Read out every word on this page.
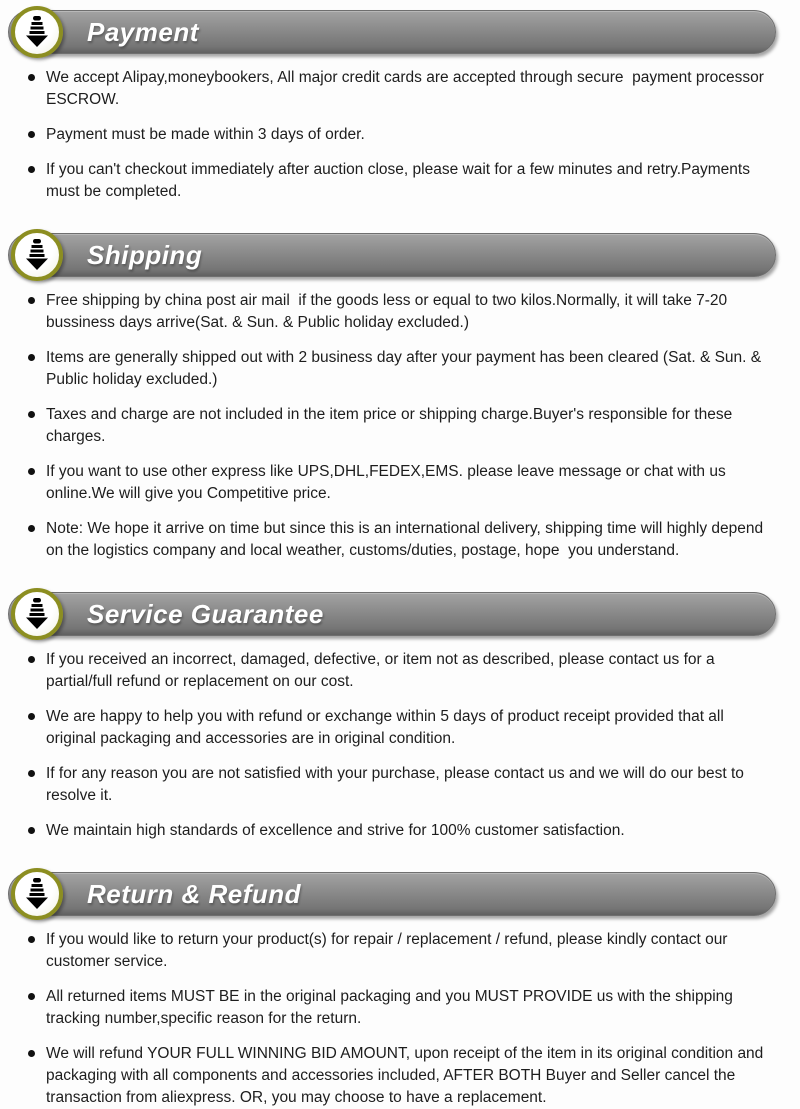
Payment
We accept Alipay,moneybookers, All major credit cards are accepted through secure  payment processor ESCROW.
Payment must be made within 3 days of order.
If you can't checkout immediately after auction close, please wait for a few minutes and retry.Payments must be completed.
Shipping
Free shipping by china post air mail  if the goods less or equal to two kilos.Normally, it will take 7-20 bussiness days arrive(Sat. & Sun. & Public holiday excluded.)
Items are generally shipped out with 2 business day after your payment has been cleared (Sat. & Sun. & Public holiday excluded.)
Taxes and charge are not included in the item price or shipping charge.Buyer's responsible for these charges.
If you want to use other express like UPS,DHL,FEDEX,EMS. please leave message or chat with us online.We will give you Competitive price.
Note: We hope it arrive on time but since this is an international delivery, shipping time will highly depend on the logistics company and local weather, customs/duties, postage, hope  you understand.
Service Guarantee
If you received an incorrect, damaged, defective, or item not as described, please contact us for a partial/full refund or replacement on our cost.
We are happy to help you with refund or exchange within 5 days of product receipt provided that all original packaging and accessories are in original condition.
If for any reason you are not satisfied with your purchase, please contact us and we will do our best to resolve it.
We maintain high standards of excellence and strive for 100% customer satisfaction.
Return & Refund
If you would like to return your product(s) for repair / replacement / refund, please kindly contact our customer service.
All returned items MUST BE in the original packaging and you MUST PROVIDE us with the shipping tracking number,specific reason for the return.
We will refund YOUR FULL WINNING BID AMOUNT, upon receipt of the item in its original condition and packaging with all components and accessories included, AFTER BOTH Buyer and Seller cancel the transaction from aliexpress. OR, you may choose to have a replacement.
